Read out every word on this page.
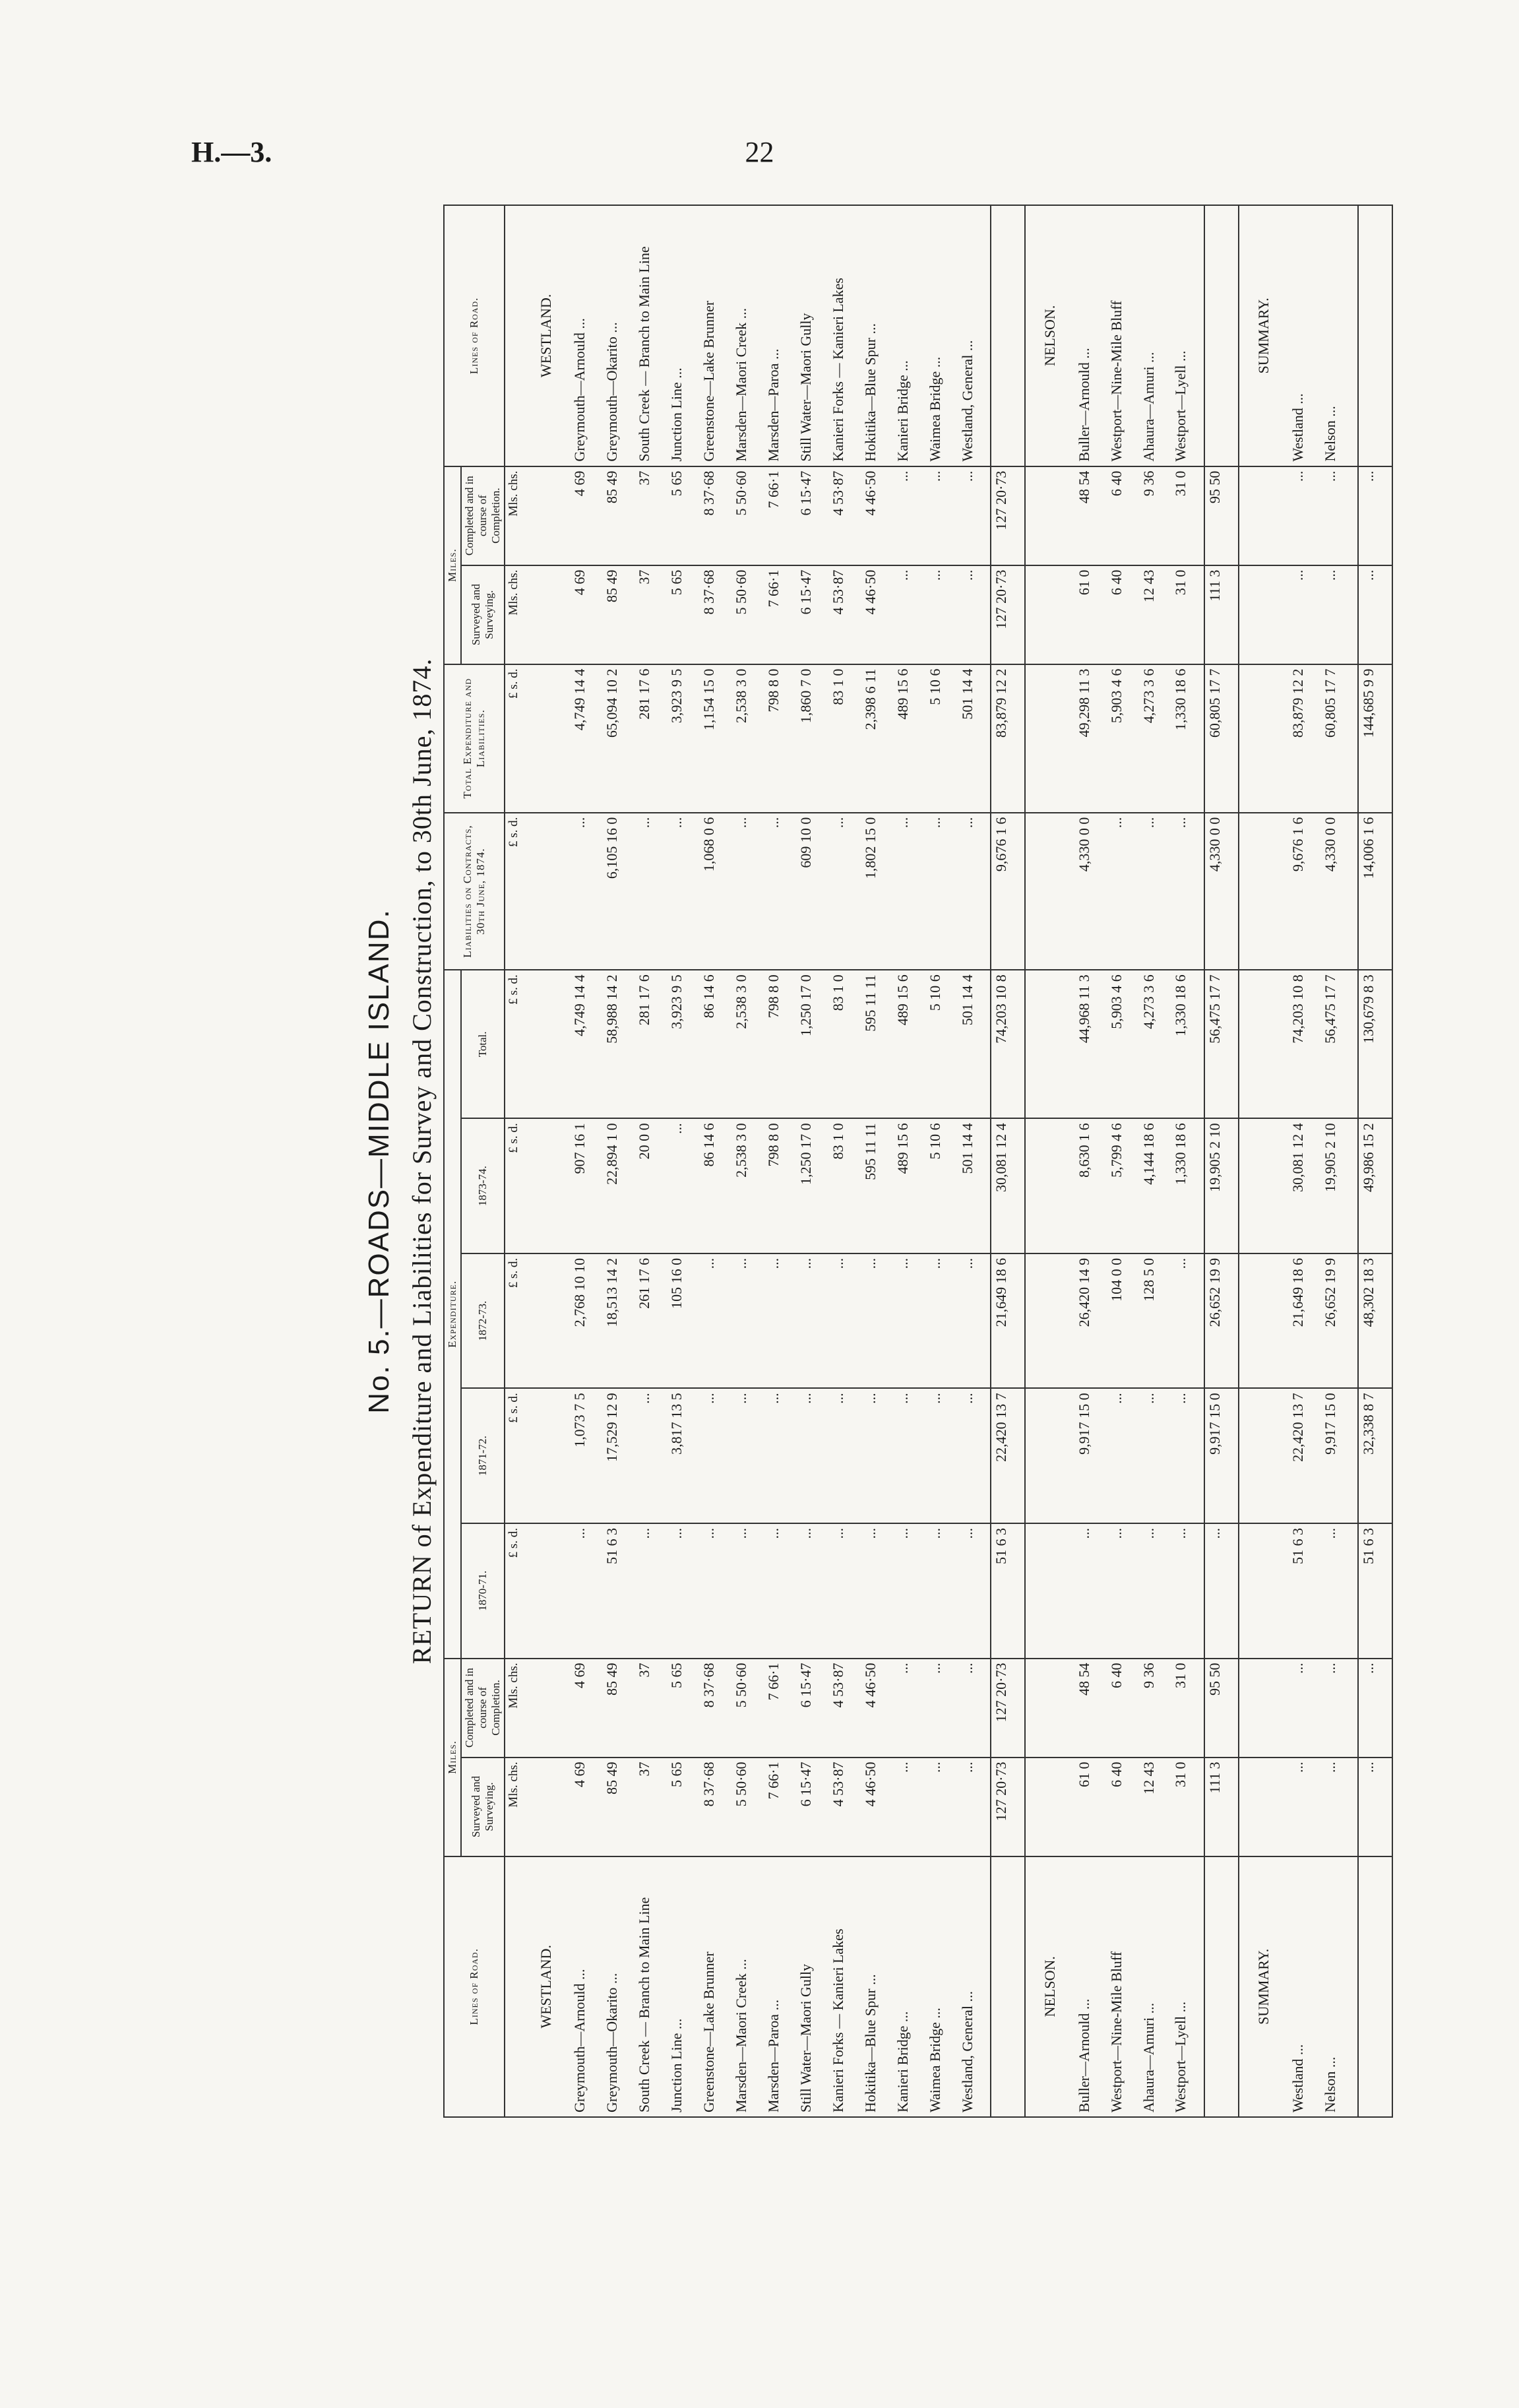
H.—3.	22
No. 5.—ROADS—MIDDLE ISLAND. RETURN of Expenditure and Liabilities for Survey and Construction, to 30th June, 1874.
Lines of Road.	Miles.		Expenditure.					Liabilities on Contracts, 30th June, 1874.	Total Expenditure and Liabilities.	Miles.		Lines of Road.
	Surveyed and Surveying.	Completed and in course of Completion.	1870-71.	1871-72.	1872-73.	1873-74.	Total.			Surveyed and Surveying.	Completed and in course of Completion.	
	Mls. chs.	Mls. chs.	£ s. d.	£ s. d.	£ s. d.	£ s. d.	£ s. d.	£ s. d.	£ s. d.	Mls. chs.	Mls. chs.	
WESTLAND.												WESTLAND.
Greymouth—Arnould ...	4 69	4 69	...	1,073 7 5	2,768 10 10	907 16 1	4,749 14 4	...	4,749 14 4	4 69	4 69	Greymouth—Arnould ...
Greymouth—Okarito ...	85 49	85 49	51 6 3	17,529 12 9	18,513 14 2	22,894 1 0	58,988 14 2	6,105 16 0	65,094 10 2	85 49	85 49	Greymouth—Okarito ...
South Creek — Branch to Main Line	37	37	...	...	261 17 6	20 0 0	281 17 6	...	281 17 6	37	37	South Creek — Branch to Main Line
Junction Line ...	5 65	5 65	...	3,817 13 5	105 16 0	...	3,923 9 5	...	3,923 9 5	5 65	5 65	Junction Line ...
Greenstone—Lake Brunner	8 37·68	8 37·68	...	...	...	86 14 6	86 14 6	1,068 0 6	1,154 15 0	8 37·68	8 37·68	Greenstone—Lake Brunner
Marsden—Maori Creek ...	5 50·60	5 50·60	...	...	...	2,538 3 0	2,538 3 0	...	2,538 3 0	5 50·60	5 50·60	Marsden—Maori Creek ...
Marsden—Paroa ...	7 66·1	7 66·1	...	...	...	798 8 0	798 8 0	...	798 8 0	7 66·1	7 66·1	Marsden—Paroa ...
Still Water—Maori Gully	6 15·47	6 15·47	...	...	...	1,250 17 0	1,250 17 0	609 10 0	1,860 7 0	6 15·47	6 15·47	Still Water—Maori Gully
Kanieri Forks — Kanieri Lakes	4 53·87	4 53·87	...	...	...	83 1 0	83 1 0	...	83 1 0	4 53·87	4 53·87	Kanieri Forks — Kanieri Lakes
Hokitika—Blue Spur ...	4 46·50	4 46·50	...	...	...	595 11 11	595 11 11	1,802 15 0	2,398 6 11	4 46·50	4 46·50	Hokitika—Blue Spur ...
Kanieri Bridge ...	...	...	...	...	...	489 15 6	489 15 6	...	489 15 6	...	...	Kanieri Bridge ...
Waimea Bridge ...	...	...	...	...	...	5 10 6	5 10 6	...	5 10 6	...	...	Waimea Bridge ...
Westland, General ...	...	...	...	...	...	501 14 4	501 14 4	...	501 14 4	...	...	Westland, General ...
	127 20·73	127 20·73	51 6 3	22,420 13 7	21,649 18 6	30,081 12 4	74,203 10 8	9,676 1 6	83,879 12 2	127 20·73	127 20·73	

NELSON.												NELSON.
Buller—Arnould ...	61 0	48 54	...	9,917 15 0	26,420 14 9	8,630 1 6	44,968 11 3	4,330 0 0	49,298 11 3	61 0	48 54	Buller—Arnould ...
Westport—Nine-Mile Bluff	6 40	6 40	...	...	104 0 0	5,799 4 6	5,903 4 6	...	5,903 4 6	6 40	6 40	Westport—Nine-Mile Bluff
Ahaura—Amuri ...	12 43	9 36	...	...	128 5 0	4,144 18 6	4,273 3 6	...	4,273 3 6	12 43	9 36	Ahaura—Amuri ...
Westport—Lyell ...	31 0	31 0	...	...	...	1,330 18 6	1,330 18 6	...	1,330 18 6	31 0	31 0	Westport—Lyell ...
	111 3	95 50	...	9,917 15 0	26,652 19 9	19,905 2 10	56,475 17 7	4,330 0 0	60,805 17 7	111 3	95 50	

SUMMARY.												SUMMARY.
Westland ...	...	...	51 6 3	22,420 13 7	21,649 18 6	30,081 12 4	74,203 10 8	9,676 1 6	83,879 12 2	...	...	Westland ...
Nelson ...	...	...	...	9,917 15 0	26,652 19 9	19,905 2 10	56,475 17 7	4,330 0 0	60,805 17 7	...	...	Nelson ...

	...	...	51 6 3	32,338 8 7	48,302 18 3	49,986 15 2	130,679 8 3	14,006 1 6	144,685 9 9	...	...	
